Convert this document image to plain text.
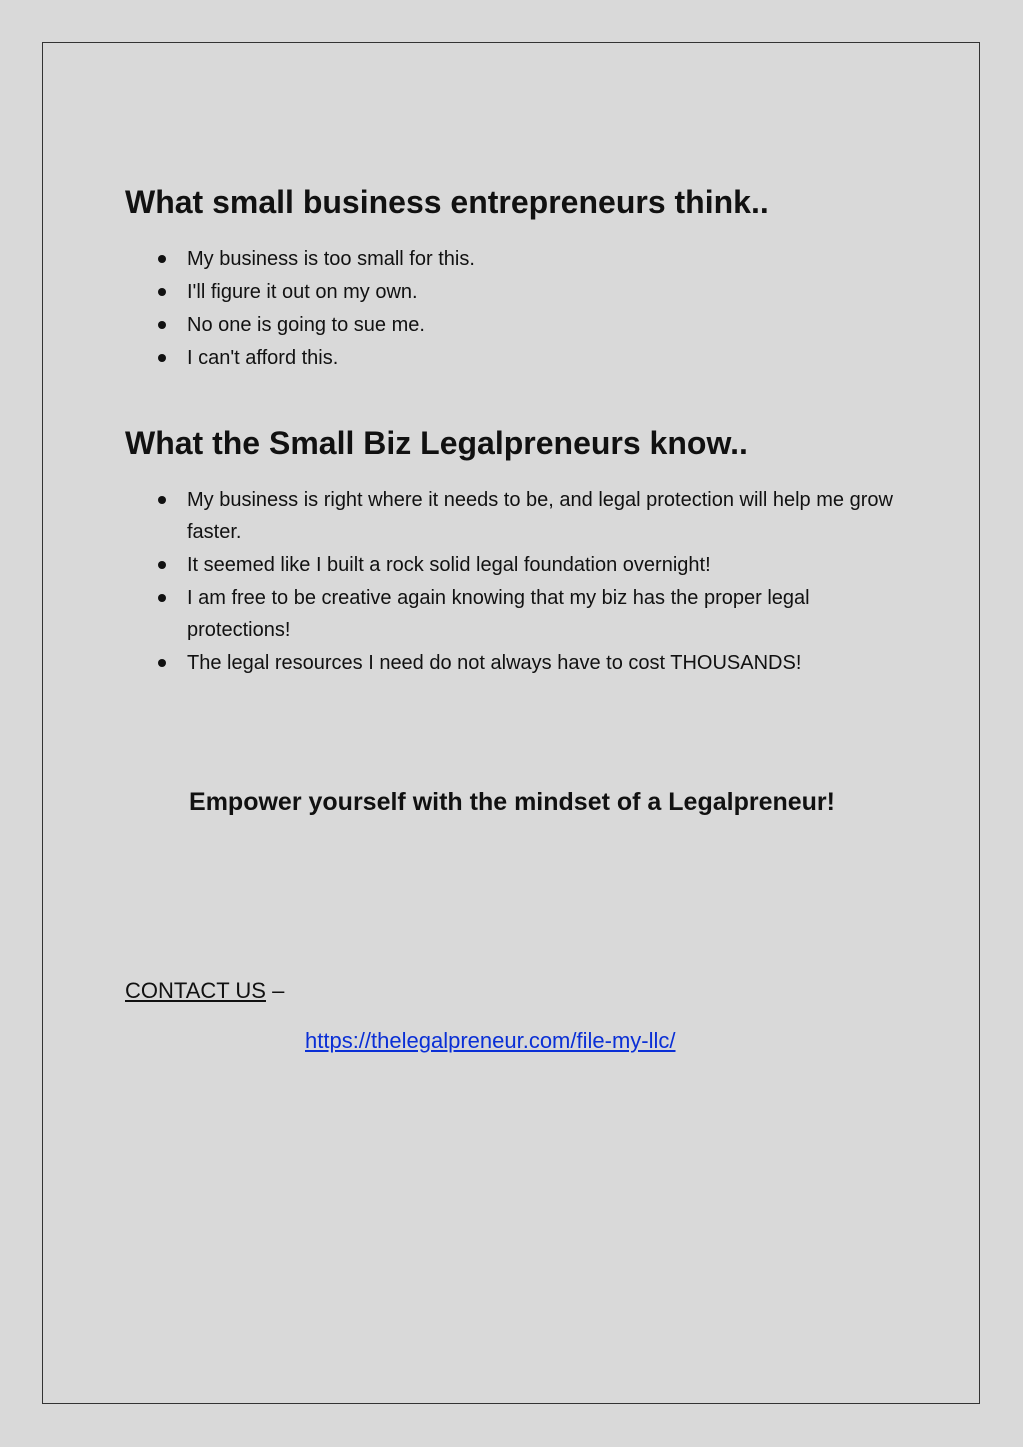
What small business entrepreneurs think..
My business is too small for this.
I'll figure it out on my own.
No one is going to sue me.
I can't afford this.
What the Small Biz Legalpreneurs know..
My business is right where it needs to be, and legal protection will help me grow faster.
It seemed like I built a rock solid legal foundation overnight!
I am free to be creative again knowing that my biz has the proper legal protections!
The legal resources I need do not always have to cost THOUSANDS!
Empower yourself with the mindset of a Legalpreneur!
CONTACT US –
https://thelegalpreneur.com/file-my-llc/
